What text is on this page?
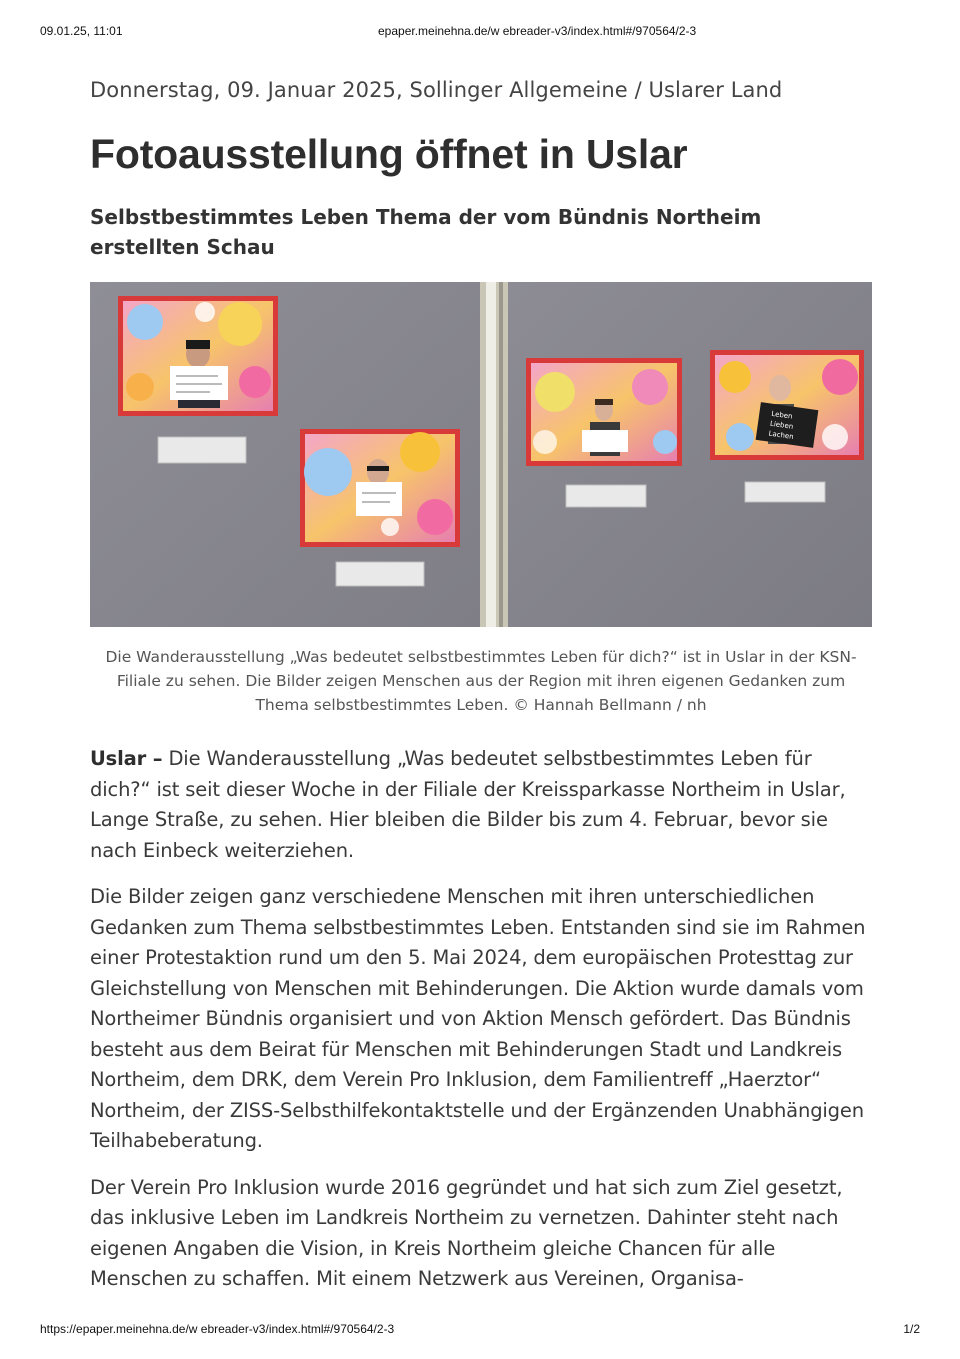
09.01.25, 11:01	epaper.meinehna.de/w ebreader-v3/index.html#/970564/2-3

Donnerstag, 09. Januar 2025, Sollinger Allgemeine / Uslarer Land

Fotoausstellung öffnet in Uslar
Selbstbestimmtes Leben Thema der vom Bündnis Northeim erstellten Schau
Leben
Lieben
Lachen

Die Wanderausstellung „Was bedeutet selbstbestimmtes Leben für dich?“ ist in Uslar in der KSN-Filiale zu sehen. Die Bilder zeigen Menschen aus der Region mit ihren eigenen Gedanken zum Thema selbstbestimmtes Leben. © Hannah Bellmann / nh

Uslar – Die Wanderausstellung „Was bedeutet selbstbestimmtes Leben für dich?“ ist seit dieser Woche in der Filiale der Kreissparkasse Northeim in Uslar, Lange Straße, zu sehen. Hier bleiben die Bilder bis zum 4. Februar, bevor sie nach Einbeck weiterziehen.

Die Bilder zeigen ganz verschiedene Menschen mit ihren unterschiedlichen Gedanken zum Thema selbstbestimmtes Leben. Entstanden sind sie im Rahmen einer Protestaktion rund um den 5. Mai 2024, dem europäischen Protesttag zur Gleichstellung von Menschen mit Behinderungen. Die Aktion wurde damals vom Northeimer Bündnis organisiert und von Aktion Mensch gefördert. Das Bündnis besteht aus dem Beirat für Menschen mit Behinderungen Stadt und Landkreis Northeim, dem DRK, dem Verein Pro Inklusion, dem Familientreff „Haerztor“ Northeim, der ZISS-Selbsthilfekontaktstelle und der Ergänzenden Unabhängigen Teilhabeberatung.

Der Verein Pro Inklusion wurde 2016 gegründet und hat sich zum Ziel gesetzt, das inklusive Leben im Landkreis Northeim zu vernetzen. Dahinter steht nach eigenen Angaben die Vision, in Kreis Northeim gleiche Chancen für alle Menschen zu schaffen. Mit einem Netzwerk aus Vereinen, Organisa-

https://epaper.meinehna.de/w ebreader-v3/index.html#/970564/2-3	1/2
